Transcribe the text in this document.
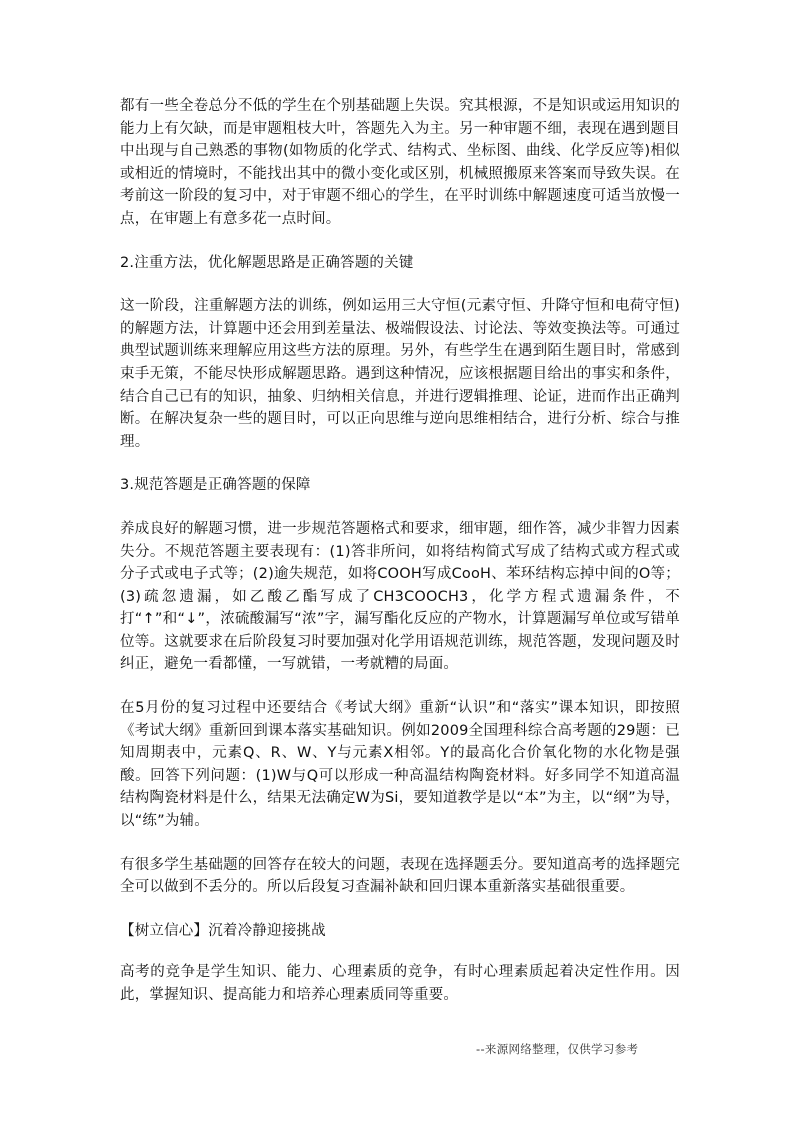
都有一些全卷总分不低的学生在个别基础题上失误。究其根源，不是知识或运用知识的能力上有欠缺，而是审题粗枝大叶，答题先入为主。另一种审题不细，表现在遇到题目中出现与自己熟悉的事物(如物质的化学式、结构式、坐标图、曲线、化学反应等)相似或相近的情境时，不能找出其中的微小变化或区别，机械照搬原来答案而导致失误。在考前这一阶段的复习中，对于审题不细心的学生，在平时训练中解题速度可适当放慢一点，在审题上有意多花一点时间。

2.注重方法，优化解题思路是正确答题的关键

这一阶段，注重解题方法的训练，例如运用三大守恒(元素守恒、升降守恒和电荷守恒)的解题方法，计算题中还会用到差量法、极端假设法、讨论法、等效变换法等。可通过典型试题训练来理解应用这些方法的原理。另外，有些学生在遇到陌生题目时，常感到束手无策，不能尽快形成解题思路。遇到这种情况，应该根据题目给出的事实和条件，结合自己已有的知识，抽象、归纳相关信息，并进行逻辑推理、论证，进而作出正确判断。在解决复杂一些的题目时，可以正向思维与逆向思维相结合，进行分析、综合与推理。

3.规范答题是正确答题的保障

养成良好的解题习惯，进一步规范答题格式和要求，细审题，细作答，减少非智力因素失分。不规范答题主要表现有：(1)答非所问，如将结构简式写成了结构式或方程式或分子式或电子式等；(2)逾失规范，如将COOH写成CooH、苯环结构忘掉中间的O等；(3)疏忽遗漏，如乙酸乙酯写成了CH3COOCH3，化学方程式遗漏条件，不打“↑”和“↓”，浓硫酸漏写“浓”字，漏写酯化反应的产物水，计算题漏写单位或写错单位等。这就要求在后阶段复习时要加强对化学用语规范训练，规范答题，发现问题及时纠正，避免一看都懂，一写就错，一考就糟的局面。

在5月份的复习过程中还要结合《考试大纲》重新“认识”和“落实”课本知识，即按照《考试大纲》重新回到课本落实基础知识。例如2009全国理科综合高考题的29题：已知周期表中，元素Q、R、W、Y与元素X相邻。Y的最高化合价氧化物的水化物是强酸。回答下列问题：(1)W与Q可以形成一种高温结构陶瓷材料。好多同学不知道高温结构陶瓷材料是什么，结果无法确定W为Si，要知道教学是以“本”为主，以“纲”为导，以“练”为辅。

有很多学生基础题的回答存在较大的问题，表现在选择题丢分。要知道高考的选择题完全可以做到不丢分的。所以后段复习查漏补缺和回归课本重新落实基础很重要。

【树立信心】沉着冷静迎接挑战

高考的竞争是学生知识、能力、心理素质的竞争，有时心理素质起着决定性作用。因此，掌握知识、提高能力和培养心理素质同等重要。

--来源网络整理，仅供学习参考
